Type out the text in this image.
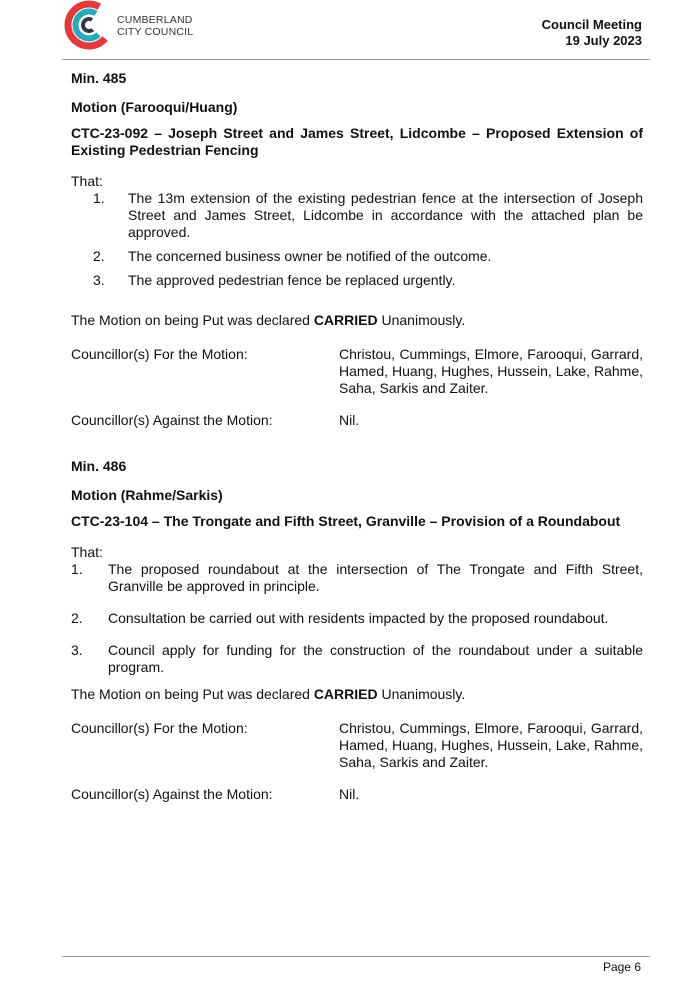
CUMBERLAND
CITY COUNCIL	Council Meeting
19 July 2023
Min. 485
Motion (Farooqui/Huang)
CTC-23-092 – Joseph Street and James Street, Lidcombe – Proposed Extension of Existing Pedestrian Fencing
That:
1. The 13m extension of the existing pedestrian fence at the intersection of Joseph Street and James Street, Lidcombe in accordance with the attached plan be approved.
2. The concerned business owner be notified of the outcome.
3. The approved pedestrian fence be replaced urgently.
The Motion on being Put was declared CARRIED Unanimously.
Councillor(s) For the Motion:	Christou, Cummings, Elmore, Farooqui, Garrard, Hamed, Huang, Hughes, Hussein, Lake, Rahme, Saha, Sarkis and Zaiter.
Councillor(s) Against the Motion:	Nil.
Min. 486
Motion (Rahme/Sarkis)
CTC-23-104 – The Trongate and Fifth Street, Granville – Provision of a Roundabout
That:
1. The proposed roundabout at the intersection of The Trongate and Fifth Street, Granville be approved in principle.
2. Consultation be carried out with residents impacted by the proposed roundabout.
3. Council apply for funding for the construction of the roundabout under a suitable program.
The Motion on being Put was declared CARRIED Unanimously.
Councillor(s) For the Motion:	Christou, Cummings, Elmore, Farooqui, Garrard, Hamed, Huang, Hughes, Hussein, Lake, Rahme, Saha, Sarkis and Zaiter.
Councillor(s) Against the Motion:	Nil.
Page 6
